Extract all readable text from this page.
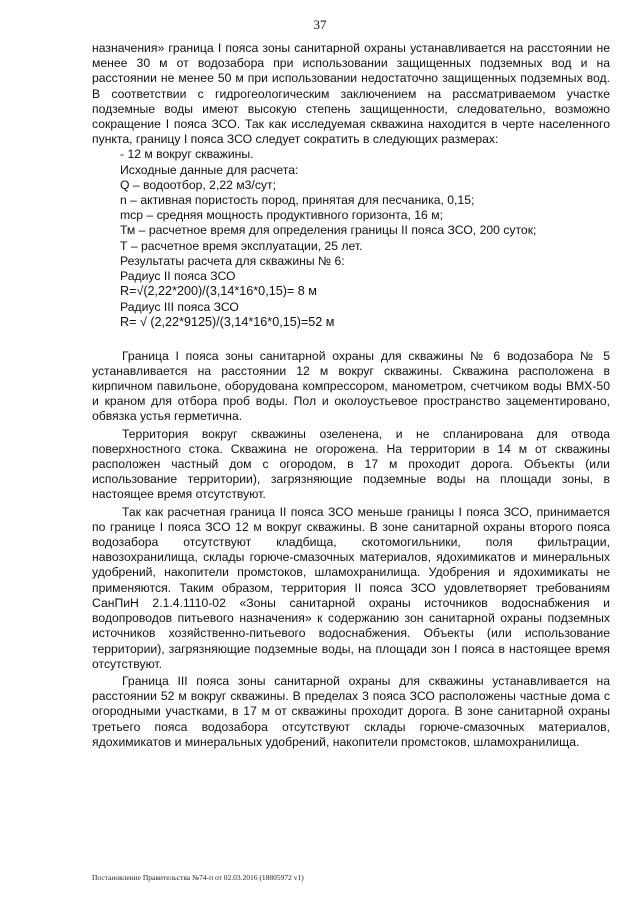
37

назначения» граница I пояса зоны санитарной охраны устанавливается на расстоянии не менее 30 м от водозабора при использовании защищенных подземных вод и на расстоянии не менее 50 м при использовании недостаточно защищенных подземных вод. В соответствии с гидрогеологическим заключением на рассматриваемом участке подземные воды имеют высокую степень защищенности, следовательно, возможно сокращение I пояса ЗСО. Так как исследуемая скважина находится в черте населенного пункта, границу I пояса ЗСО следует сократить в следующих размерах:

- 12 м вокруг скважины.
Исходные данные для расчета:
Q – водоотбор, 2,22 м3/сут;
n – активная пористость пород, принятая для песчаника, 0,15;
mср – средняя мощность продуктивного горизонта, 16 м;
Тм – расчетное время для определения границы II пояса ЗСО, 200 суток;
Т – расчетное время эксплуатации, 25 лет.
Результаты расчета для скважины № 6:
Радиус II пояса ЗСО
R=√(2,22*200)/(3,14*16*0,15)= 8 м
Радиус III пояса ЗСО
R= √ (2,22*9125)/(3,14*16*0,15)=52 м

Граница I пояса зоны санитарной охраны для скважины № 6 водозабора № 5 устанавливается на расстоянии 12 м вокруг скважины. Скважина расположена в кирпичном павильоне, оборудована компрессором, манометром, счетчиком воды ВМХ-50 и краном для отбора проб воды. Пол и околоустьевое пространство зацементировано, обвязка устья герметична.

Территория вокруг скважины озеленена, и не спланирована для отвода поверхностного стока. Скважина не огорожена. На территории в 14 м от скважины расположен частный дом с огородом, в 17 м проходит дорога. Объекты (или использование территории), загрязняющие подземные воды на площади зоны, в настоящее время отсутствуют.

Так как расчетная граница II пояса ЗСО меньше границы I пояса ЗСО, принимается по границе I пояса ЗСО 12 м вокруг скважины. В зоне санитарной охраны второго пояса водозабора отсутствуют кладбища, скотомогильники, поля фильтрации, навозохранилища, склады горюче-смазочных материалов, ядохимикатов и минеральных удобрений, накопители промстоков, шламохранилища. Удобрения и ядохимикаты не применяются. Таким образом, территория II пояса ЗСО удовлетворяет требованиям СанПиН 2.1.4.1110-02 «Зоны санитарной охраны источников водоснабжения и водопроводов питьевого назначения» к содержанию зон санитарной охраны подземных источников хозяйственно-питьевого водоснабжения. Объекты (или использование территории), загрязняющие подземные воды, на площади зон I пояса в настоящее время отсутствуют.

Граница III пояса зоны санитарной охраны для скважины устанавливается на расстоянии 52 м вокруг скважины. В пределах 3 пояса ЗСО расположены частные дома с огородными участками, в 17 м от скважины проходит дорога. В зоне санитарной охраны третьего пояса водозабора отсутствуют склады горюче-смазочных материалов, ядохимикатов и минеральных удобрений, накопители промстоков, шламохранилища.

Постановление Правительства №74-п от 02.03.2016 (18805972 v1)
